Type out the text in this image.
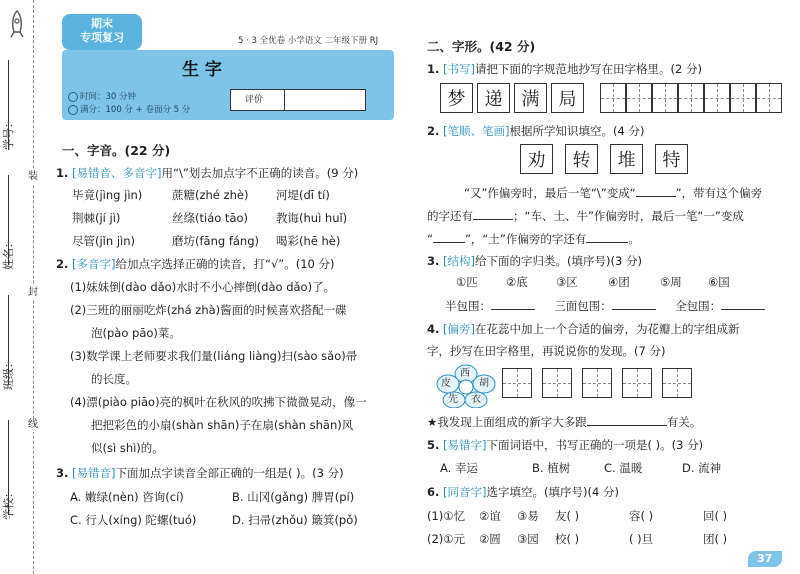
装
封
线
学号：
姓名：
班级：
学校：
期末
专项复习	5 · 3 全优卷 小学语文 二年级下册 RJ
生 字
时间：30 分钟
满分：100 分 + 卷面分 5 分
评价
一、字音。(22 分)
1. [易错音、多音字]用“\”划去加点字不正确的读音。(9 分)
毕竟(jìng jìn)	蔗糖(zhé zhè) 河堤(dī tí)
荆棘(jí jì)	丝绦(tiáo tāo) 教诲(huì huǐ)
尽管(jǐn jìn)	磨坊(fāng fáng) 喝彩(hē hè)
2. [多音字]给加点字选择正确的读音，打“√”。(10 分)
(1)妹妹倒(dào dǎo)水时不小心摔倒(dào dǎo)了。
(2)三班的丽丽吃炸(zhá zhà)酱面的时候喜欢搭配一碟
泡(pào pāo)菜。
(3)数学课上老师要求我们量(liáng liàng)扫(sào sǎo)帚
的长度。
(4)漂(piào piāo)亮的枫叶在秋风的吹拂下微微晃动，像一
把把彩色的小扇(shàn shān)子在扇(shàn shān)风
似(sì shì)的。
3. [易错音]下面加点字读音全部正确的一组是( )。(3 分)
A. 嫩绿(nèn) 咨询(cí)	B. 山冈(gǎng) 脾胃(pí)
C. 行人(xíng) 陀螺(tuó)	D. 扫帚(zhǒu) 簸箕(pǒ)
二、字形。(42 分)
1. [书写]请把下面的字规范地抄写在田字格里。(2 分)
梦	递	满	局
2. [笔顺、笔画]根据所学知识填空。(4 分)
劝	转	堆	特
“又”作偏旁时，最后一笔“\”变成“	”，带有这个偏旁
的字还有	；“车、土、牛”作偏旁时，最后一笔“一”变成
“	”，“土”作偏旁的字还有	。
3. [结构]给下面的字归类。(填序号)(3 分)
①匹 ②底 ③区	④团	⑤周 ⑥国
半包围：	三面包围：	全包围：
4. [偏旁]在花蕊中加上一个合适的偏旁，为花瓣上的字组成新
字，抄写在田字格里，再说说你的发现。(7 分)
皮
西
胡
衣
先
★我发现上面组成的新字大多跟	有关。
5. [易错字]下面词语中，书写正确的一项是( )。(3 分)
A. 幸运	B. 植树	C. 温暖	D. 流神
6. [同音字]选字填空。(填序号)(4 分)
(1)①忆 ②谊 ③易 友( )	容( )	回( )
(2)①元 ②圆 ③园 校( )	( )旦	团( )
37
